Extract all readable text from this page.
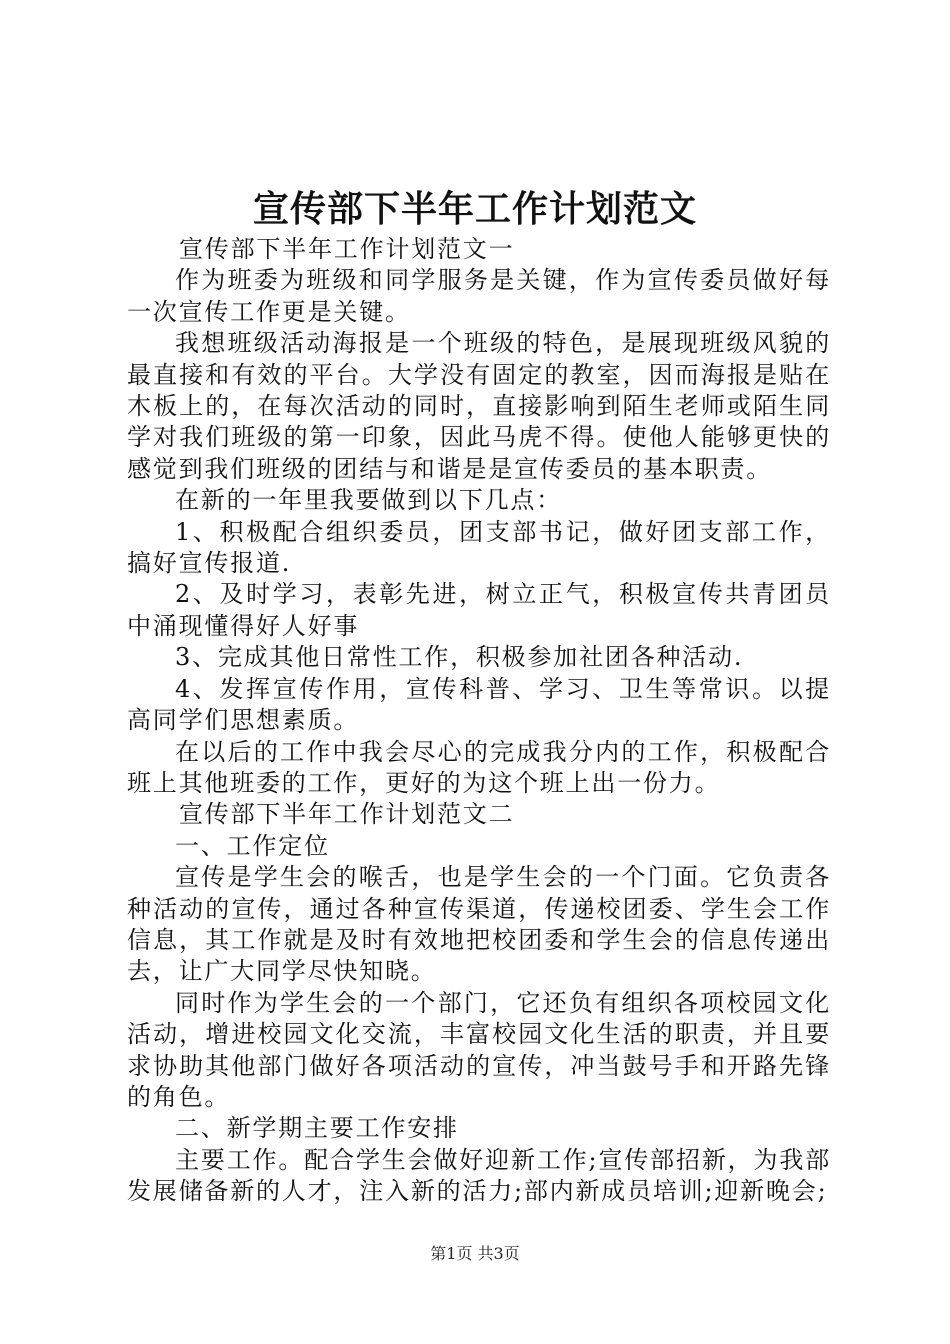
宣传部下半年工作计划范文

宣传部下半年工作计划范文一

作为班委为班级和同学服务是关键，作为宣传委员做好每一次宣传工作更是关键。

我想班级活动海报是一个班级的特色，是展现班级风貌的最直接和有效的平台。大学没有固定的教室，因而海报是贴在木板上的，在每次活动的同时，直接影响到陌生老师或陌生同学对我们班级的第一印象，因此马虎不得。使他人能够更快的感觉到我们班级的团结与和谐是是宣传委员的基本职责。

在新的一年里我要做到以下几点：

1、积极配合组织委员，团支部书记，做好团支部工作，搞好宣传报道.

2、及时学习，表彰先进，树立正气，积极宣传共青团员中涌现懂得好人好事

3、完成其他日常性工作，积极参加社团各种活动.

4、发挥宣传作用，宣传科普、学习、卫生等常识。以提高同学们思想素质。

在以后的工作中我会尽心的完成我分内的工作，积极配合班上其他班委的工作，更好的为这个班上出一份力。

宣传部下半年工作计划范文二

一、工作定位

宣传是学生会的喉舌，也是学生会的一个门面。它负责各种活动的宣传，通过各种宣传渠道，传递校团委、学生会工作信息，其工作就是及时有效地把校团委和学生会的信息传递出去，让广大同学尽快知晓。

同时作为学生会的一个部门，它还负有组织各项校园文化活动，增进校园文化交流，丰富校园文化生活的职责，并且要求协助其他部门做好各项活动的宣传，冲当鼓号手和开路先锋的角色。

二、新学期主要工作安排

主要工作。配合学生会做好迎新工作;宣传部招新，为我部发展储备新的人才，注入新的活力;部内新成员培训;迎新晚会;

第1页 共3页
